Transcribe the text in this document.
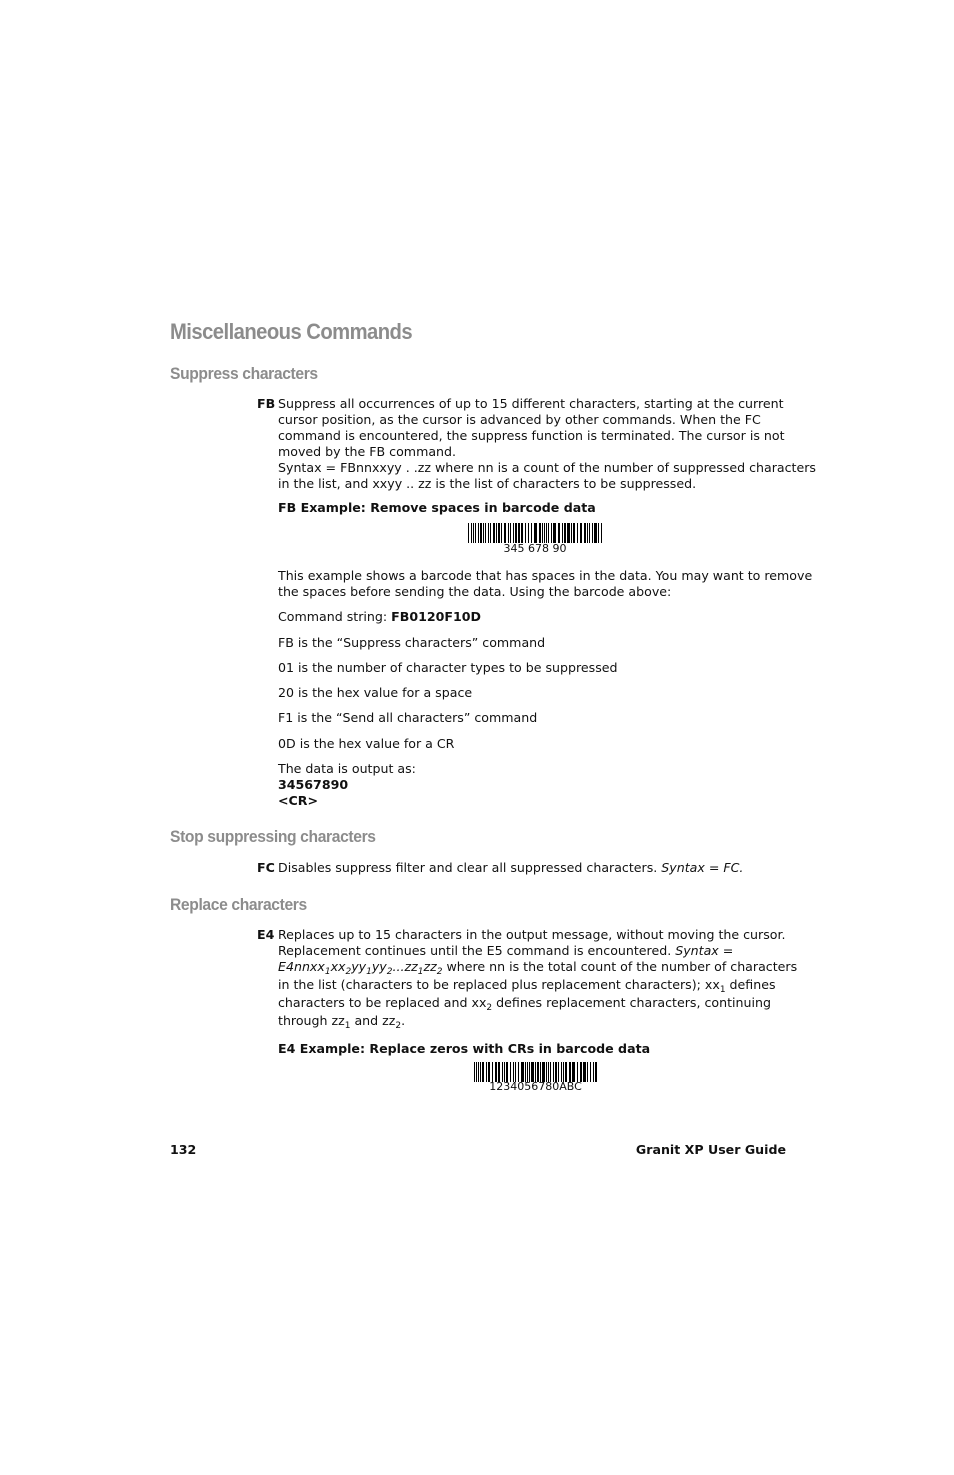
Miscellaneous Commands
Suppress characters
FB Suppress all occurrences of up to 15 different characters, starting at the current
cursor position, as the cursor is advanced by other commands. When the FC
command is encountered, the suppress function is terminated. The cursor is not
moved by the FB command.
Syntax = FBnnxxyy . .zz where nn is a count of the number of suppressed characters
in the list, and xxyy .. zz is the list of characters to be suppressed.
FB Example: Remove spaces in barcode data
345 678 90
This example shows a barcode that has spaces in the data. You may want to remove
the spaces before sending the data. Using the barcode above:
Command string: FB0120F10D
FB is the “Suppress characters” command
01 is the number of character types to be suppressed
20 is the hex value for a space
F1 is the “Send all characters” command
0D is the hex value for a CR
The data is output as:
34567890
<CR>
Stop suppressing characters
FC Disables suppress filter and clear all suppressed characters. Syntax = FC.
Replace characters
E4 Replaces up to 15 characters in the output message, without moving the cursor.
Replacement continues until the E5 command is encountered. Syntax =
$E4nnxx_1xx_2yy_1yy_2...zz_1zz_2$ where nn is the total count of the number of characters
in the list (characters to be replaced plus replacement characters); $xx_1$ defines
characters to be replaced and $xx_2$ defines replacement characters, continuing
through $zz_1$ and $zz_2$.
E4 Example: Replace zeros with CRs in barcode data
1234056780ABC
132	Granit XP User Guide
